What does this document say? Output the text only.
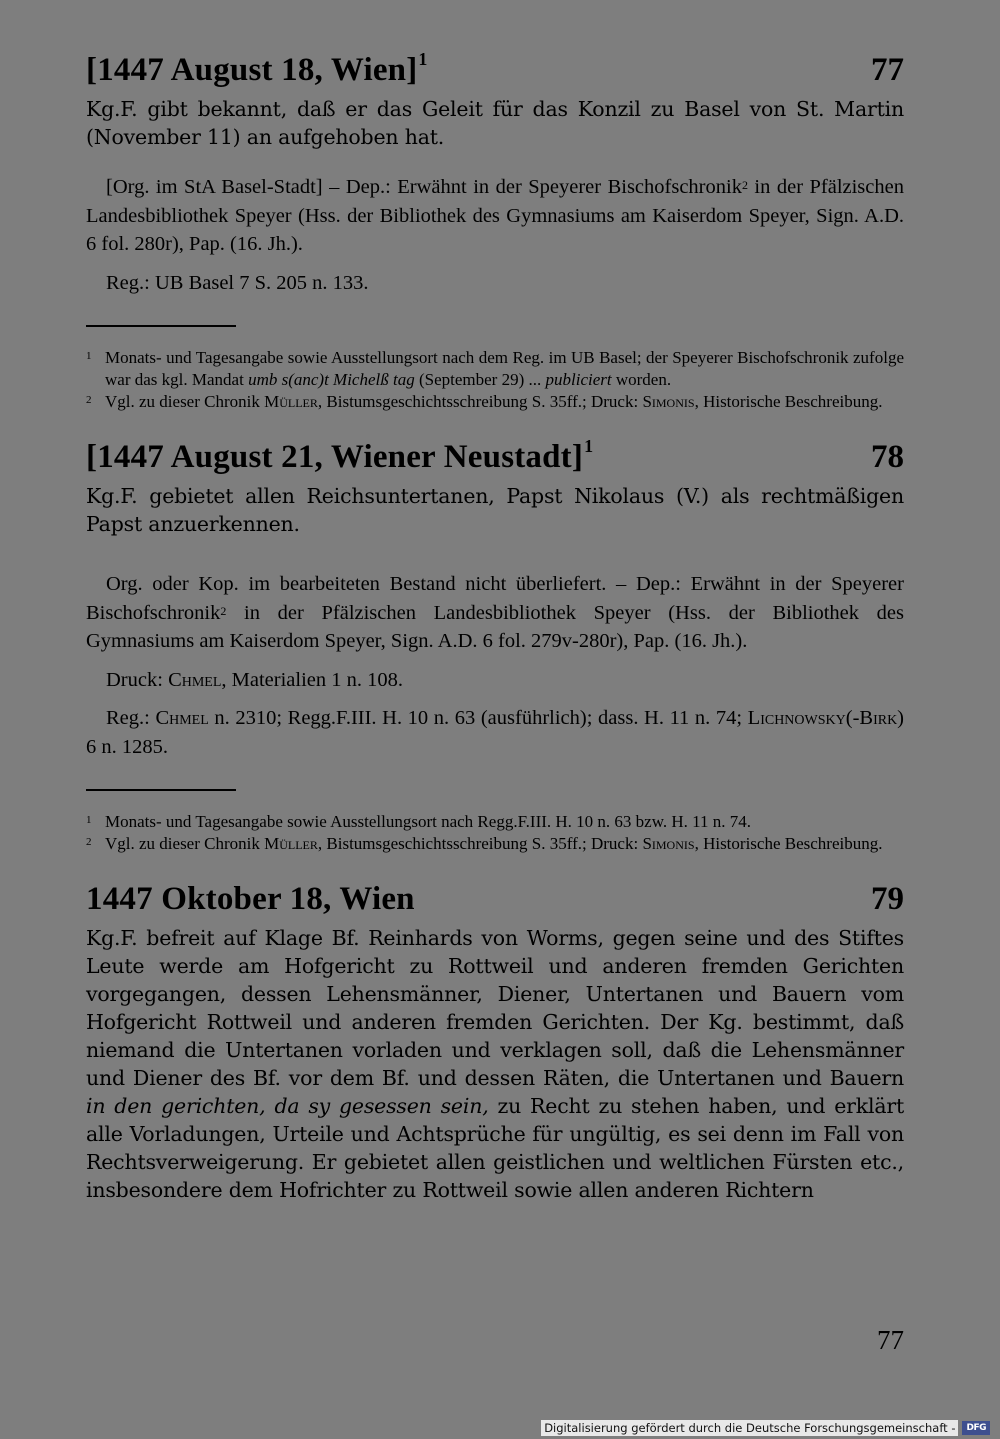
[1447 August 18, Wien]$^1$	77

Kg.F. gibt bekannt, daß er das Geleit für das Konzil zu Basel von St. Martin (November 11) an aufgehoben hat.

[Org. im StA Basel-Stadt] – Dep.: Erwähnt in der Speyerer Bischofschronik$^2$ in der Pfälzischen Landesbibliothek Speyer (Hss. der Bibliothek des Gymnasiums am Kaiserdom Speyer, Sign. A.D. 6 fol. 280r), Pap. (16. Jh.).

Reg.: UB Basel 7 S. 205 n. 133.

1 Monats- und Tagesangabe sowie Ausstellungsort nach dem Reg. im UB Basel; der Speyerer Bischofschronik zufolge war das kgl. Mandat umb s(anc)t Michelß tag (September 29) ... publiciert worden.
2 Vgl. zu dieser Chronik Müller, Bistumsgeschichtsschreibung S. 35ff.; Druck: Simonis, Historische Beschreibung.
[1447 August 21, Wiener Neustadt]$^1$	78

Kg.F. gebietet allen Reichsuntertanen, Papst Nikolaus (V.) als rechtmäßigen Papst anzuerkennen.

Org. oder Kop. im bearbeiteten Bestand nicht überliefert. – Dep.: Erwähnt in der Speyerer Bischofschronik$^2$ in der Pfälzischen Landesbibliothek Speyer (Hss. der Bibliothek des Gymnasiums am Kaiserdom Speyer, Sign. A.D. 6 fol. 279v-280r), Pap. (16. Jh.).

Druck: Chmel, Materialien 1 n. 108.

Reg.: Chmel n. 2310; Regg.F.III. H. 10 n. 63 (ausführlich); dass. H. 11 n. 74; Lichnowsky(-Birk) 6 n. 1285.

1 Monats- und Tagesangabe sowie Ausstellungsort nach Regg.F.III. H. 10 n. 63 bzw. H. 11 n. 74.
2 Vgl. zu dieser Chronik Müller, Bistumsgeschichtsschreibung S. 35ff.; Druck: Simonis, Historische Beschreibung.
1447 Oktober 18, Wien	79

Kg.F. befreit auf Klage Bf. Reinhards von Worms, gegen seine und des Stiftes Leute werde am Hofgericht zu Rottweil und anderen fremden Gerichten vorgegangen, dessen Lehensmänner, Diener, Untertanen und Bauern vom Hofgericht Rottweil und anderen fremden Gerichten. Der Kg. bestimmt, daß niemand die Untertanen vorladen und verklagen soll, daß die Lehensmänner und Diener des Bf. vor dem Bf. und dessen Räten, die Untertanen und Bauern in den gerichten, da sy gesessen sein, zu Recht zu stehen haben, und erklärt alle Vorladungen, Urteile und Achtsprüche für ungültig, es sei denn im Fall von Rechtsverweigerung. Er gebietet allen geistlichen und weltlichen Fürsten etc., insbesondere dem Hofrichter zu Rottweil sowie allen anderen Richtern

77
Digitalisierung gefördert durch die Deutsche Forschungsgemeinschaft -	DFG
